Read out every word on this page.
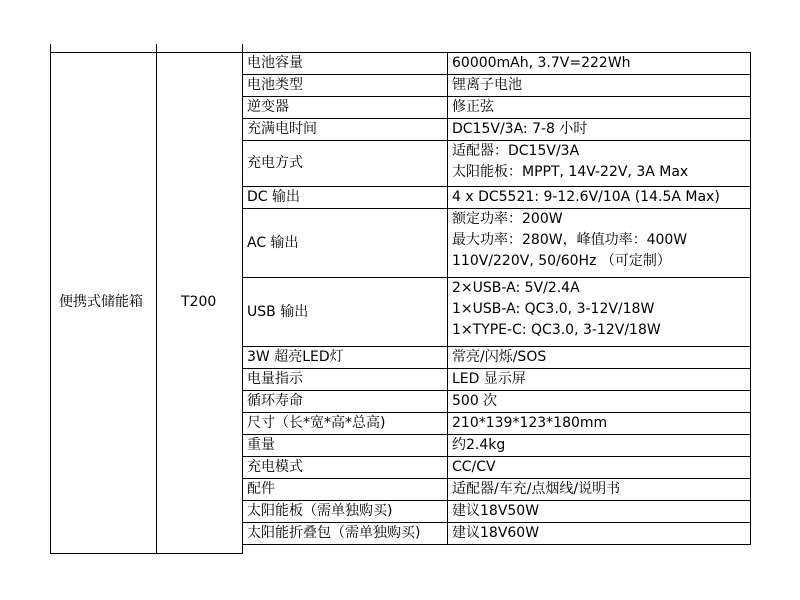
便携式储能箱	T200	电池容量	60000mAh, 3.7V=222Wh

		电池类型	锂离子电池

		逆变器	修正弦

		充满电时间	DC15V/3A: 7-8 小时

		充电方式	适配器：DC15V/3A
太阳能板：MPPT, 14V-22V, 3A Max

		DC 输出	4 x DC5521: 9-12.6V/10A (14.5A Max)

		AC 输出	额定功率：200W
最大功率：280W，峰值功率：400W
110V/220V, 50/60Hz （可定制）

		USB 输出	2×USB-A: 5V/2.4A
1×USB-A: QC3.0, 3-12V/18W
1×TYPE-C: QC3.0, 3-12V/18W

		3W 超亮LED灯	常亮/闪烁/SOS

		电量指示	LED 显示屏

		循环寿命	500 次

		尺寸（长*宽*高*总高)	210*139*123*180mm

		重量	约2.4kg

		充电模式	CC/CV

		配件	适配器/车充/点烟线/说明书

		太阳能板（需单独购买)	建议18V50W

		太阳能折叠包（需单独购买)	建议18V60W
